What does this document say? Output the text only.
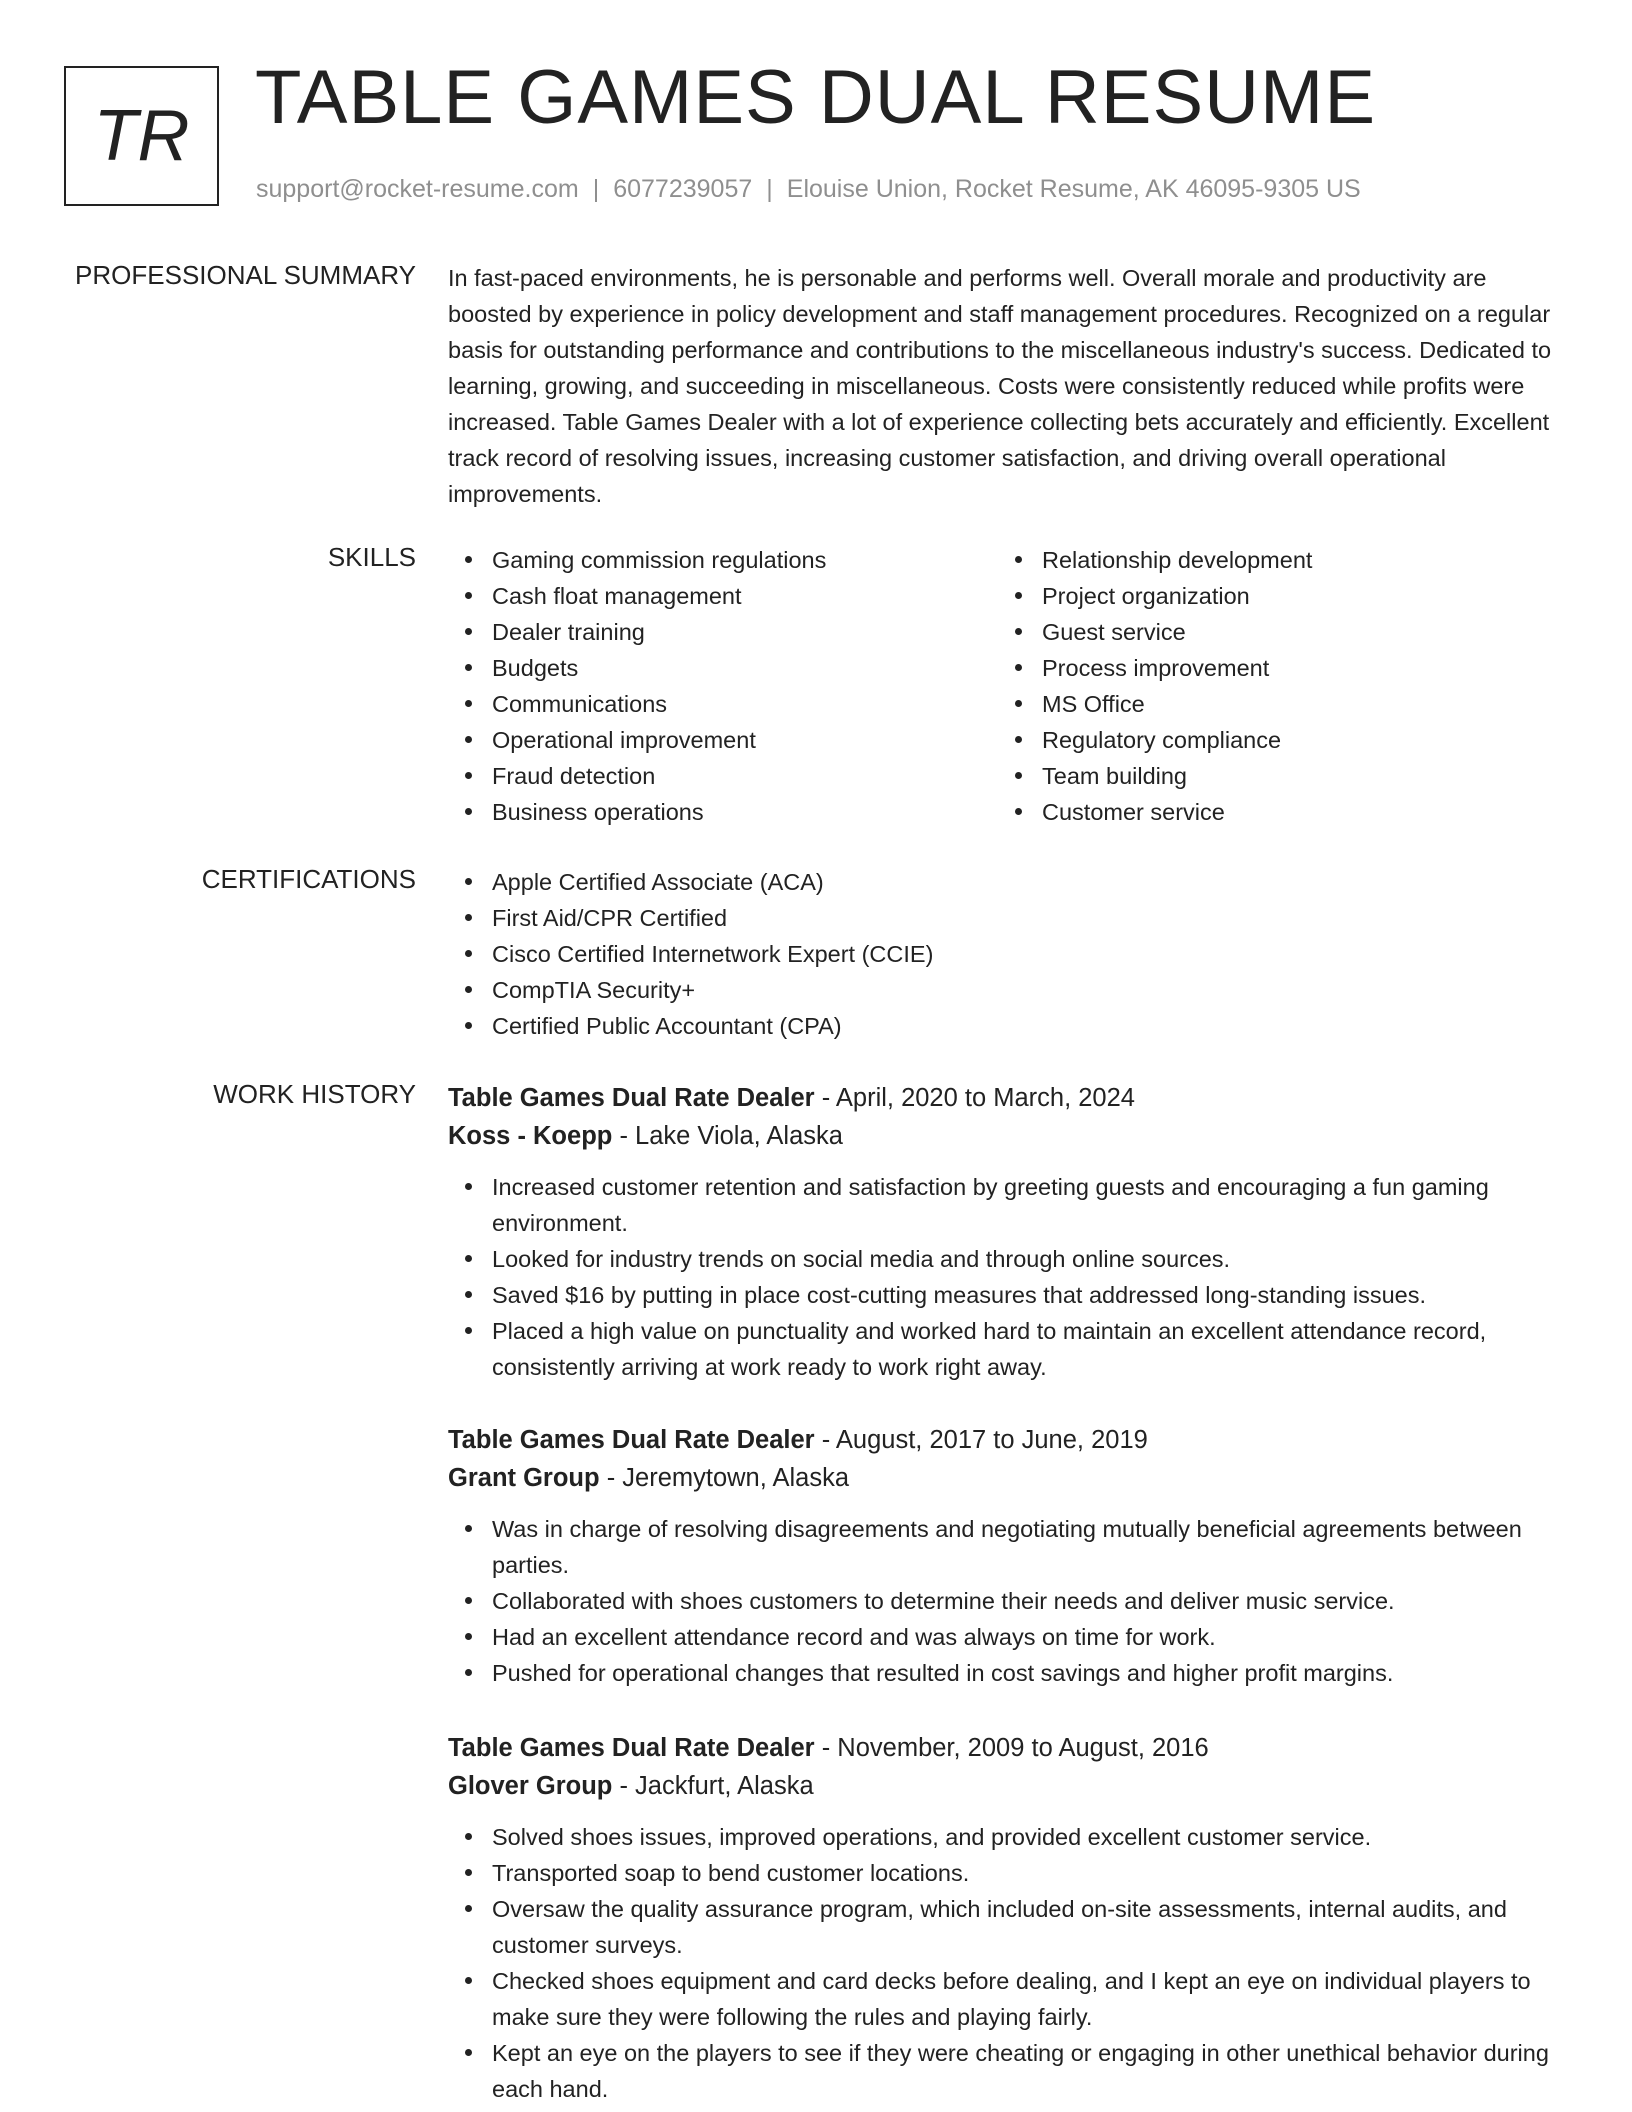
TR TABLE GAMES DUAL RESUME
support@rocket-resume.com | 6077239057 | Elouise Union, Rocket Resume, AK 46095-9305 US
PROFESSIONAL SUMMARY In fast-paced environments, he is personable and performs well. Overall morale and productivity are boosted by experience in policy development and staff management procedures. Recognized on a regular basis for outstanding performance and contributions to the miscellaneous industry's success. Dedicated to learning, growing, and succeeding in miscellaneous. Costs were consistently reduced while profits were increased. Table Games Dealer with a lot of experience collecting bets accurately and efficiently. Excellent track record of resolving issues, increasing customer satisfaction, and driving overall operational improvements.

SKILLS	Gaming commission regulations
Cash float management
Dealer training
Budgets
Communications
Operational improvement
Fraud detection
Business operations
Relationship development
Project organization
Guest service
Process improvement
MS Office
Regulatory compliance
Team building
Customer service
CERTIFICATIONS	Apple Certified Associate (ACA)
First Aid/CPR Certified
Cisco Certified Internetwork Expert (CCIE)
CompTIA Security+
Certified Public Accountant (CPA)
WORK HISTORY Table Games Dual Rate Dealer - April, 2020 to March, 2024
Koss - Koepp - Lake Viola, Alaska
Increased customer retention and satisfaction by greeting guests and encouraging a fun gaming environment.
Looked for industry trends on social media and through online sources.
Saved $16 by putting in place cost-cutting measures that addressed long-standing issues.
Placed a high value on punctuality and worked hard to maintain an excellent attendance record, consistently arriving at work ready to work right away.
Table Games Dual Rate Dealer - August, 2017 to June, 2019
Grant Group - Jeremytown, Alaska
Was in charge of resolving disagreements and negotiating mutually beneficial agreements between parties.
Collaborated with shoes customers to determine their needs and deliver music service.
Had an excellent attendance record and was always on time for work.
Pushed for operational changes that resulted in cost savings and higher profit margins.
Table Games Dual Rate Dealer - November, 2009 to August, 2016
Glover Group - Jackfurt, Alaska
Solved shoes issues, improved operations, and provided excellent customer service.
Transported soap to bend customer locations.
Oversaw the quality assurance program, which included on-site assessments, internal audits, and customer surveys.
Checked shoes equipment and card decks before dealing, and I kept an eye on individual players to make sure they were following the rules and playing fairly.
Kept an eye on the players to see if they were cheating or engaging in other unethical behavior during each hand.
